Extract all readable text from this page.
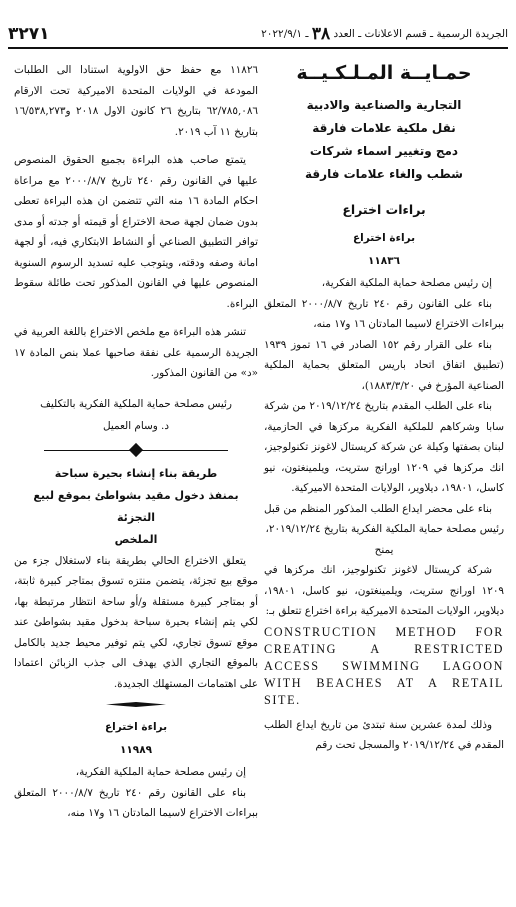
الجريدة الرسمية ـ قسم الاعلانات ـ العدد ٣٨ ـ ٢٠٢٢/٩/١
٣٢٧١
حمـايــة المـلـكـيــة
التجارية والصناعية والادبية
نقل ملكية علامات فارقة
دمج وتغيير اسماء شركات
شطب والغاء علامات فارقة
براءات اختراع
براءة اختراع
١١٨٣٦

إن رئيس مصلحة حماية الملكية الفكرية،

بناء على القانون رقم ٢٤٠ تاريخ ٢٠٠٠/٨/٧ المتعلق ببراءات الاختراع لاسيما المادتان ١٦ و١٧ منه،

بناء على القرار رقم ١٥٢ الصادر في ١٦ تموز ١٩٣٩ (تطبيق اتفاق اتحاد باريس المتعلق بحماية الملكية الصناعية المؤرخ في ١٨٨٣/٣/٢٠)،

بناء على الطلب المقدم بتاريخ ٢٠١٩/١٢/٢٤ من شركة سابا وشركاهم للملكية الفكرية مركزها في الحازمية، لبنان بصفتها وكيلة عن شركة كريستال لاغونز تكنولوجيز، انك مركزها في ١٢٠٩ اورانج ستريت، ويلمينغتون، نيو كاسل، ١٩٨٠١، ديلاوير، الولايات المتحدة الاميركية.

بناء على محضر ايداع الطلب المذكور المنظم من قبل رئيس مصلحة حماية الملكية الفكرية بتاريخ ٢٠١٩/١٢/٢٤،

يمنح

شركة كريستال لاغونز تكنولوجيز، انك مركزها في ١٢٠٩ اورانج ستريت، ويلمينغتون، نيو كاسل، ١٩٨٠١، ديلاوير، الولايات المتحدة الاميركية براءة اختراع تتعلق بـ:

CONSTRUCTION METHOD FOR CREATING A RESTRICTED ACCESS SWIMMING LAGOON WITH BEACHES AT A RETAIL SITE.

وذلك لمدة عشرين سنة تبتدئ من تاريخ ايداع الطلب المقدم في ٢٠١٩/١٢/٢٤ والمسجل تحت رقم

١١٨٢٦ مع حفظ حق الاولوية استنادا الى الطلبات المودعة في الولايات المتحدة الاميركية تحت الارقام ٦٢/٧٨٥,٠٨٦ بتاريخ ٢٦ كانون الاول ٢٠١٨ و١٦/٥٣٨,٢٧٣ بتاريخ ١١ آب ٢٠١٩.

يتمتع صاحب هذه البراءة بجميع الحقوق المنصوص عليها في القانون رقم ٢٤٠ تاريخ ٢٠٠٠/٨/٧ مع مراعاة احكام المادة ١٦ منه التي تتضمن ان هذه البراءة تعطى بدون ضمان لجهة صحة الاختراع أو قيمته أو جدته أو مدى توافر التطبيق الصناعي أو النشاط الابتكاري فيه، أو لجهة امانة وصفه ودقته، ويتوجب عليه تسديد الرسوم السنوية المنصوص عليها في القانون المذكور تحت طائلة سقوط البراءة.

تنشر هذه البراءة مع ملخص الاختراع باللغة العربية في الجريدة الرسمية على نفقة صاحبها عملا بنص المادة ١٧ «د» من القانون المذكور.

رئيس مصلحة حماية الملكية الفكرية بالتكليف

د. وسام العميل

طريقة بناء إنشاء بحيرة سباحة
بمنفذ دخول مقيد بشواطئ بموقع لبيع التجزئة
الملخص

يتعلق الاختراع الحالي بطريقة بناء لاستغلال جزء من موقع بيع تجزئة، يتضمن منتزه تسوق بمتاجر كبيرة ثابتة، أو بمتاجر كبيرة مستقلة و/أو ساحة انتظار مرتبطة بها، لكي يتم إنشاء بحيرة سباحة بدخول مقيد بشواطئ عند موقع تسوق تجاري، لكي يتم توفير محيط جديد بالكامل بالموقع التجاري الذي يهدف الى جذب الزبائن اعتمادا على اهتمامات المستهلك الجديدة.

براءة اختراع
١١٩٨٩

إن رئيس مصلحة حماية الملكية الفكرية،

بناء على القانون رقم ٢٤٠ تاريخ ٢٠٠٠/٨/٧ المتعلق ببراءات الاختراع لاسيما المادتان ١٦ و١٧ منه،
